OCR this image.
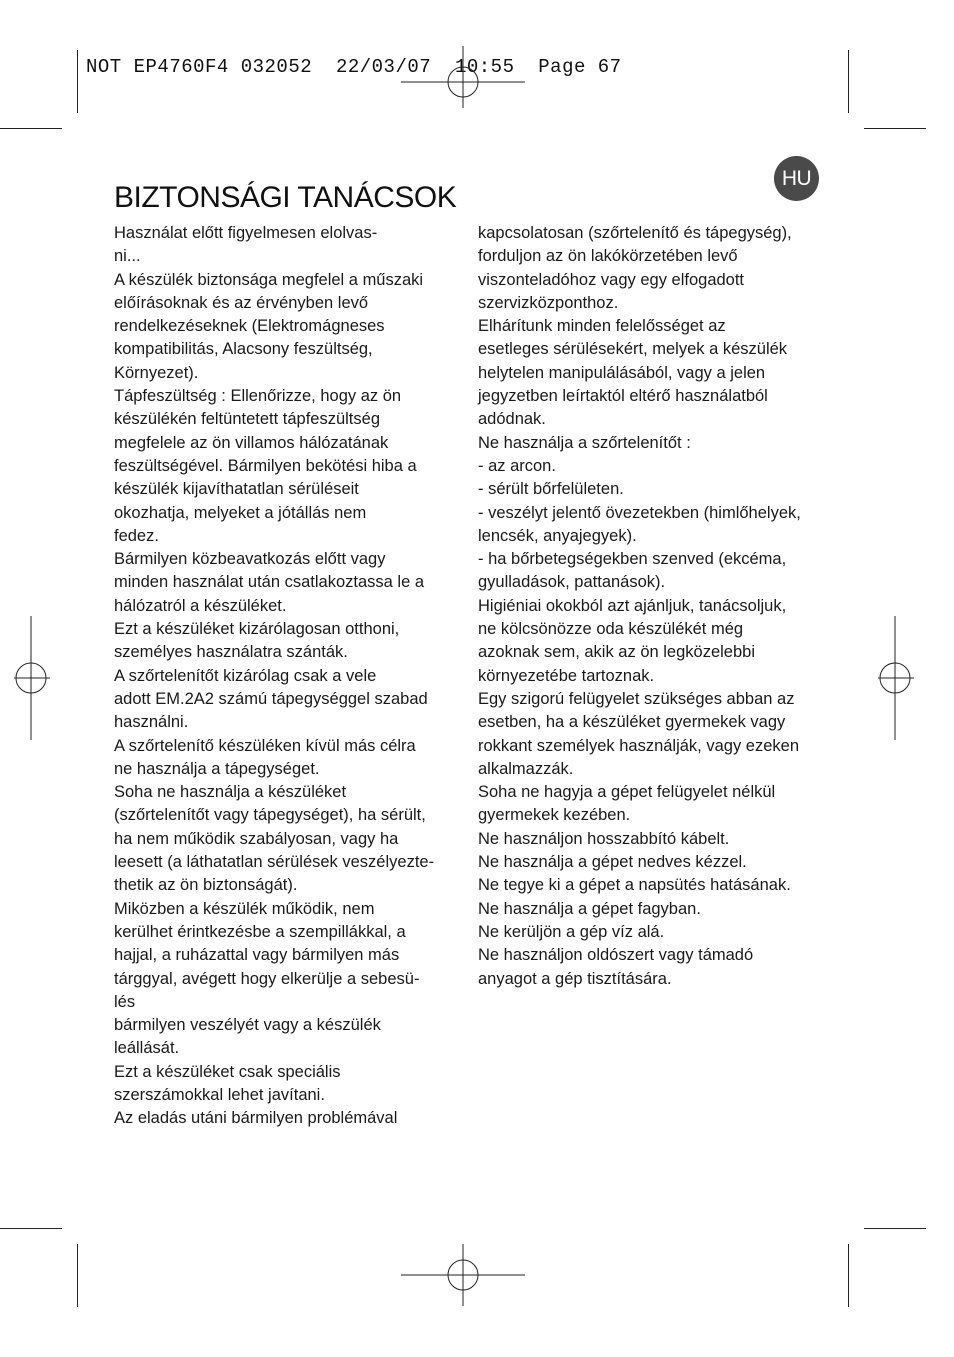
NOT EP4760F4 032052  22/03/07  10:55  Page 67
BIZTONSÁGI TANÁCSOK
HU
Használat előtt figyelmesen elolvas-
ni...
A készülék biztonsága megfelel a műszaki
előírásoknak és az érvényben levő
rendelkezéseknek (Elektromágneses
kompatibilitás, Alacsony feszültség,
Környezet).
Tápfeszültség : Ellenőrizze, hogy az ön
készülékén feltüntetett tápfeszültség
megfelele az ön villamos hálózatának
feszültségével. Bármilyen bekötési hiba a
készülék kijavíthatatlan sérüléseit
okozhatja, melyeket a jótállás nem
fedez.
Bármilyen közbeavatkozás előtt vagy
minden használat után csatlakoztassa le a
hálózatról a készüléket.
Ezt a készüléket kizárólagosan otthoni,
személyes használatra szánták.
A szőrtelenítőt kizárólag csak a vele
adott EM.2A2 számú tápegységgel szabad
használni.
A szőrtelenítő készüléken kívül más célra
ne használja a tápegységet.
Soha ne használja a készüléket
(szőrtelenítőt vagy tápegységet), ha sérült,
ha nem működik szabályosan, vagy ha
leesett (a láthatatlan sérülések veszélyezte-
thetik az ön biztonságát).
Miközben a készülék működik, nem
kerülhet érintkezésbe a szempillákkal, a
hajjal, a ruházattal vagy bármilyen más
tárggyal, avégett hogy elkerülje a sebesü-
lés
bármilyen veszélyét vagy a készülék
leállását.
Ezt a készüléket csak speciális
szerszámokkal lehet javítani.
Az eladás utáni bármilyen problémával
kapcsolatosan (szőrtelenítő és tápegység),
forduljon az ön lakókörzetében levő
viszonteladóhoz vagy egy elfogadott
szervizközponthoz.
Elhárítunk minden felelősséget az
esetleges sérülésekért, melyek a készülék
helytelen manipulálásából, vagy a jelen
jegyzetben leírtaktól eltérő használatból
adódnak.
Ne használja a szőrtelenítőt :
- az arcon.
- sérült bőrfelületen.
- veszélyt jelentő övezetekben (himlőhelyek,
lencsék, anyajegyek).
- ha bőrbetegségekben szenved (ekcéma,
gyulladások, pattanások).
Higiéniai okokból azt ajánljuk, tanácsoljuk,
ne kölcsönözze oda készülékét még
azoknak sem, akik az ön legközelebbi
környezetébe tartoznak.
Egy szigorú felügyelet szükséges abban az
esetben, ha a készüléket gyermekek vagy
rokkant személyek használják, vagy ezeken
alkalmazzák.
Soha ne hagyja a gépet felügyelet nélkül
gyermekek kezében.
Ne használjon hosszabbító kábelt.
Ne használja a gépet nedves kézzel.
Ne tegye ki a gépet a napsütés hatásának.
Ne használja a gépet fagyban.
Ne kerüljön a gép víz alá.
Ne használjon oldószert vagy támadó
anyagot a gép tisztítására.
